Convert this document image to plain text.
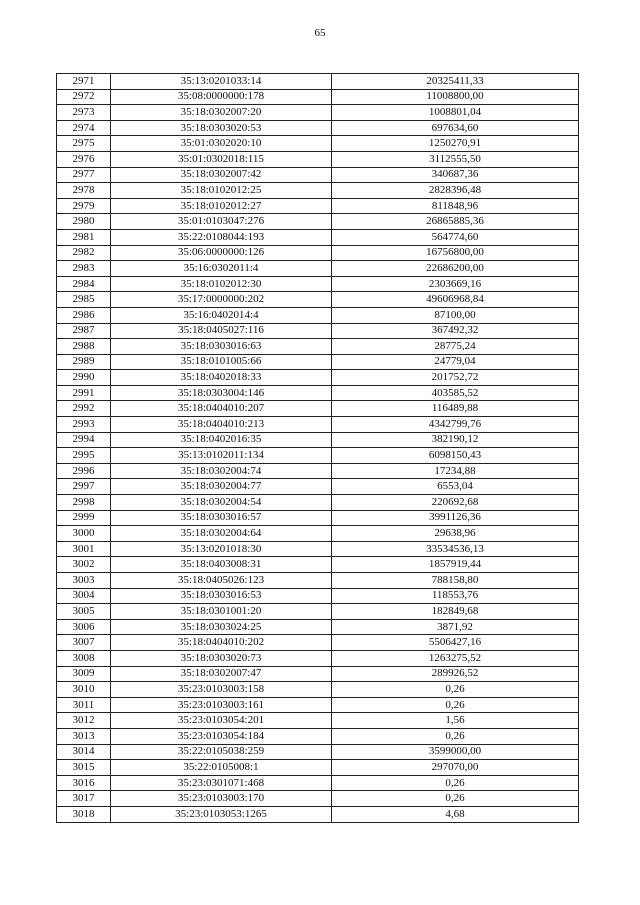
65
2971	35:13:0201033:14	20325411,33
2972	35:08:0000000:178	11008800,00
2973	35:18:0302007:20	1008801,04
2974	35:18:0303020:53	697634,60
2975	35:01:0302020:10	1250270,91
2976	35:01:0302018:115	3112555,50
2977	35:18:0302007:42	340687,36
2978	35:18:0102012:25	2828396,48
2979	35:18:0102012:27	811848,96
2980	35:01:0103047:276	26865885,36
2981	35:22:0108044:193	564774,60
2982	35:06:0000000:126	16756800,00
2983	35:16:0302011:4	22686200,00
2984	35:18:0102012:30	2303669,16
2985	35:17:0000000:202	49606968,84
2986	35:16:0402014:4	87100,00
2987	35:18:0405027:116	367492,32
2988	35:18:0303016:63	28775,24
2989	35:18:0101005:66	24779,04
2990	35:18:0402018:33	201752,72
2991	35:18:0303004:146	403585,52
2992	35:18:0404010:207	116489,88
2993	35:18:0404010:213	4342799,76
2994	35:18:0402016:35	382190,12
2995	35:13:0102011:134	6098150,43
2996	35:18:0302004:74	17234,88
2997	35:18:0302004:77	6553,04
2998	35:18:0302004:54	220692,68
2999	35:18:0303016:57	3991126,36
3000	35:18:0302004:64	29638,96
3001	35:13:0201018:30	33534536,13
3002	35:18:0403008:31	1857919,44
3003	35:18:0405026:123	788158,80
3004	35:18:0303016:53	118553,76
3005	35:18:0301001:20	182849,68
3006	35:18:0303024:25	3871,92
3007	35:18:0404010:202	5506427,16
3008	35:18:0303020:73	1263275,52
3009	35:18:0302007:47	289926,52
3010	35:23:0103003:158	0,26
3011	35:23:0103003:161	0,26
3012	35:23:0103054:201	1,56
3013	35:23:0103054:184	0,26
3014	35:22:0105038:259	3599000,00
3015	35:22:0105008:1	297070,00
3016	35:23:0301071:468	0,26
3017	35:23:0103003:170	0,26
3018	35:23:0103053:1265	4,68
